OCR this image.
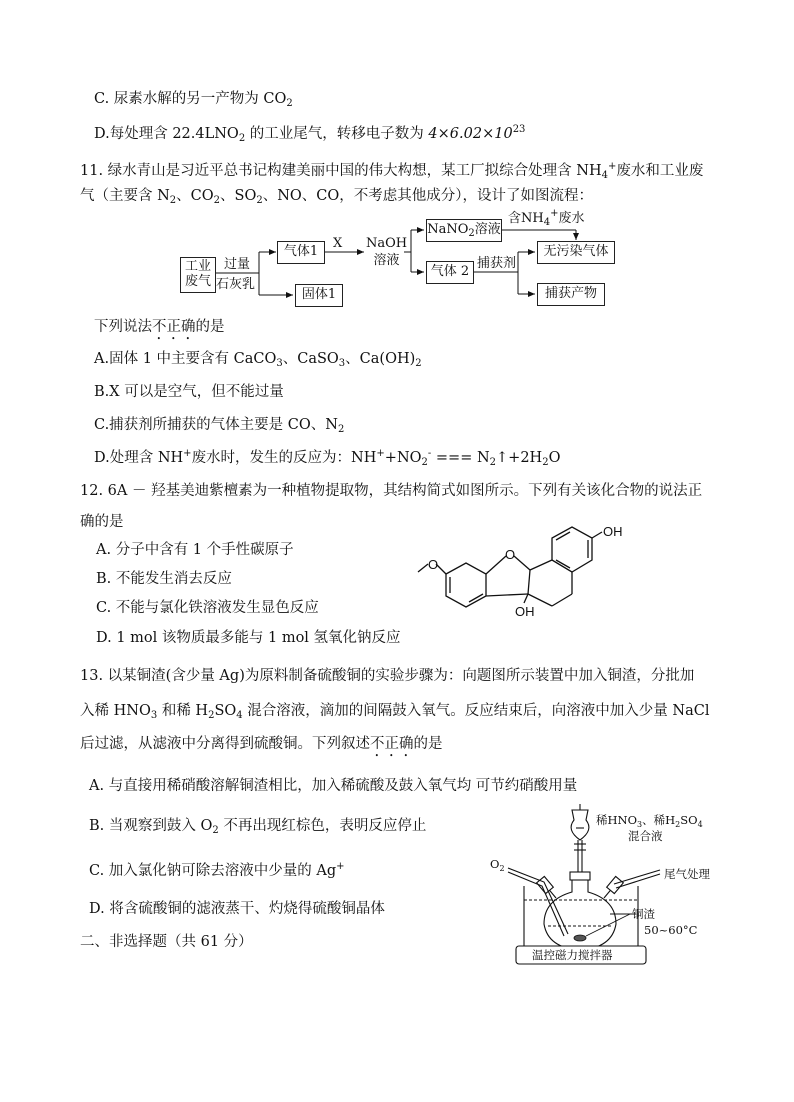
C. 尿素水解的另一产物为 $CO_2$
D.每处理含 $22.4LNO_2$ 的工业尾气，转移电子数为 $4\times 6.02\times 10^{23}$
11. 绿水青山是习近平总书记构建美丽中国的伟大构想，某工厂拟综合处理含 $NH_4^+$废水和工业废
气（主要含 $N_2$、$CO_2$、$SO_2$、NO、CO，不考虑其他成分），设计了如图流程：
工业
废气
过量
石灰乳
气体1
X NaOH
溶液
NaNO$_2$溶液
含$NH_4^+$废水
无污染气体
气体 2
捕获剂
固体1	捕获产物
下列说法不正确的是
A.固体 1 中主要含有 CaCO$_3$、CaSO$_3$、$Ca(OH)_2$
B.X 可以是空气，但不能过量
C.捕获剂所捕获的气体主要是 CO、$N_2$
D.处理含 NH+废水时，发生的反应为：$NH^++NO_2^-$ === $N_2↑+2H_2O$
12. 6A － 羟基美迪紫檀素为一种植物提取物，其结构简式如图所示。下列有关该化合物的说法正
确的是
A. 分子中含有 1 个手性碳原子
B. 不能发生消去反应
C. 不能与氯化铁溶液发生显色反应
D. 1 mol 该物质最多能与 1 mol 氢氧化钠反应
O
O
OH
OH
13. 以某铜渣(含少量 Ag)为原料制备硫酸铜的实验步骤为：向题图所示装置中加入铜渣，分批加
入稀 $HNO_3$ 和稀 $H_2SO_4$ 混合溶液，滴加的间隔鼓入氧气。反应结束后，向溶液中加入少量 NaCl
后过滤，从滤液中分离得到硫酸铜。下列叙述不正确的是
A. 与直接用稀硝酸溶解铜渣相比，加入稀硫酸及鼓入氧气均 可节约硝酸用量
B. 当观察到鼓入 $O_2$ 不再出现红棕色，表明反应停止
C. 加入氯化钠可除去溶液中少量的 Ag+
D. 将含硫酸铜的滤液蒸干、灼烧得硫酸铜晶体
二、非选择题（共 61 分）
稀$HNO_3$、稀$H_2SO_4$
混合液
$O_2$	尾气处理
铜渣
50~60°C
温控磁力搅拌器
